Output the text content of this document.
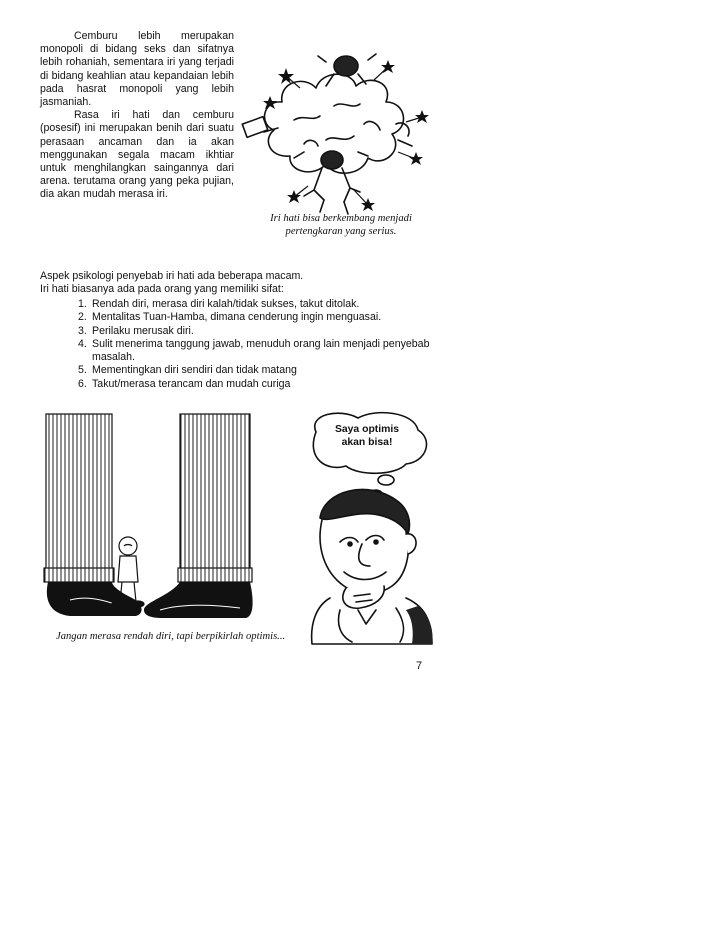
Cemburu lebih merupakan monopoli di bidang seks dan sifatnya lebih rohaniah, sementara iri yang terjadi di bidang keahlian atau kepandaian lebih pada hasrat monopoli yang lebih jasmaniah.

Rasa iri hati dan cemburu (posesif) ini merupakan benih dari suatu perasaan ancaman dan ia akan menggunakan segala macam ikhtiar untuk menghilangkan saingannya dari arena. terutama orang yang peka pujian, dia akan mudah merasa iri.

Iri hati bisa berkembang menjadi
pertengkaran yang serius.
Aspek psikologi penyebab iri hati ada beberapa macam.
Iri hati biasanya ada pada orang yang memiliki sifat:
1. Rendah diri, merasa diri kalah/tidak sukses, takut ditolak.
2. Mentalitas Tuan-Hamba, dimana cenderung ingin menguasai.
3. Perilaku merusak diri.
4. Sulit menerima tanggung jawab, menuduh orang lain menjadi penyebab masalah.
5. Mementingkan diri sendiri dan tidak matang
6. Takut/merasa terancam dan mudah curiga
Saya optimis
akan bisa!
Jangan merasa rendah diri, tapi berpikirlah optimis...
7
